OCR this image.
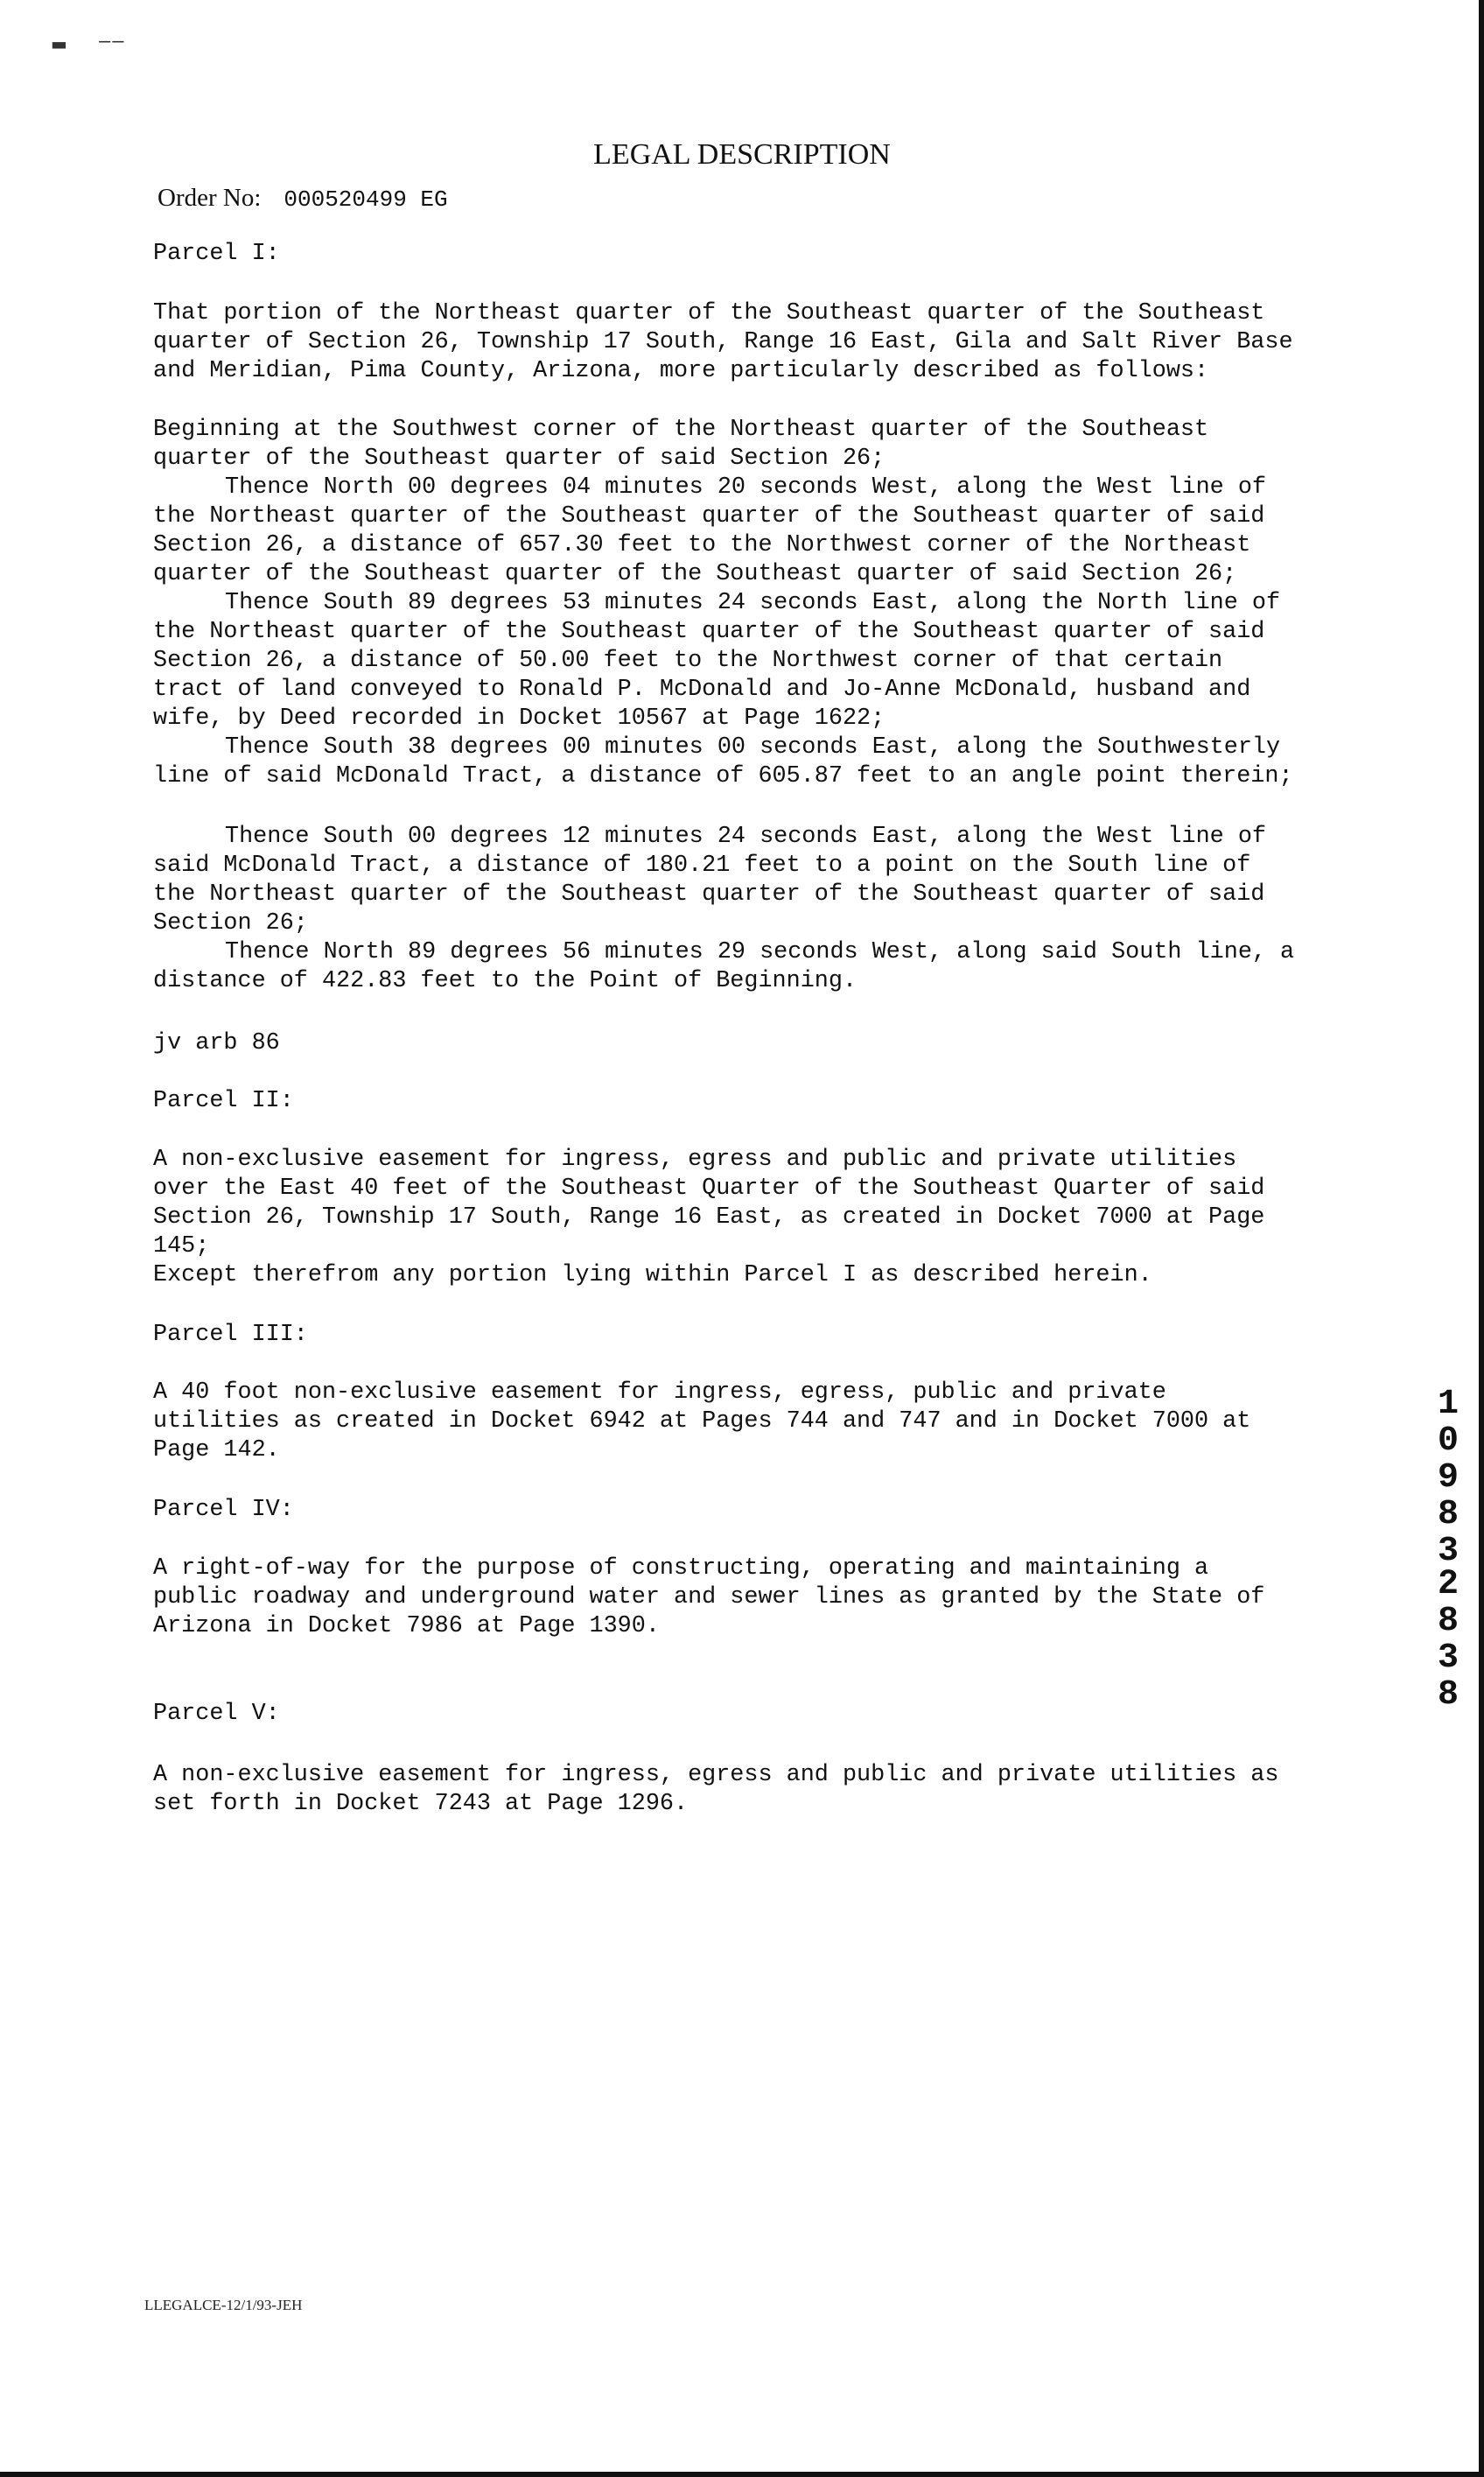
▬ ‒‒
LEGAL DESCRIPTION
Order No: 000520499 EG
Parcel I:
That portion of the Northeast quarter of the Southeast quarter of the Southeast
quarter of Section 26, Township 17 South, Range 16 East, Gila and Salt River Base
and Meridian, Pima County, Arizona, more particularly described as follows:
Beginning at the Southwest corner of the Northeast quarter of the Southeast
quarter of the Southeast quarter of said Section 26;
Thence North 00 degrees 04 minutes 20 seconds West, along the West line of
the Northeast quarter of the Southeast quarter of the Southeast quarter of said
Section 26, a distance of 657.30 feet to the Northwest corner of the Northeast
quarter of the Southeast quarter of the Southeast quarter of said Section 26;
Thence South 89 degrees 53 minutes 24 seconds East, along the North line of
the Northeast quarter of the Southeast quarter of the Southeast quarter of said
Section 26, a distance of 50.00 feet to the Northwest corner of that certain
tract of land conveyed to Ronald P. McDonald and Jo-Anne McDonald, husband and
wife, by Deed recorded in Docket 10567 at Page 1622;
Thence South 38 degrees 00 minutes 00 seconds East, along the Southwesterly
line of said McDonald Tract, a distance of 605.87 feet to an angle point therein;
Thence South 00 degrees 12 minutes 24 seconds East, along the West line of
said McDonald Tract, a distance of 180.21 feet to a point on the South line of
the Northeast quarter of the Southeast quarter of the Southeast quarter of said
Section 26;
Thence North 89 degrees 56 minutes 29 seconds West, along said South line, a
distance of 422.83 feet to the Point of Beginning.
jv arb 86
Parcel II:
A non-exclusive easement for ingress, egress and public and private utilities
over the East 40 feet of the Southeast Quarter of the Southeast Quarter of said
Section 26, Township 17 South, Range 16 East, as created in Docket 7000 at Page
145;
Except therefrom any portion lying within Parcel I as described herein.
Parcel III:
A 40 foot non-exclusive easement for ingress, egress, public and private
utilities as created in Docket 6942 at Pages 744 and 747 and in Docket 7000 at
Page 142.
Parcel IV:
A right-of-way for the purpose of constructing, operating and maintaining a
public roadway and underground water and sewer lines as granted by the State of
Arizona in Docket 7986 at Page 1390.
Parcel V:
A non-exclusive easement for ingress, egress and public and private utilities as
set forth in Docket 7243 at Page 1296.
1
0
9
8
3
2
8
3
8
LLEGALCE-12/1/93-JEH
